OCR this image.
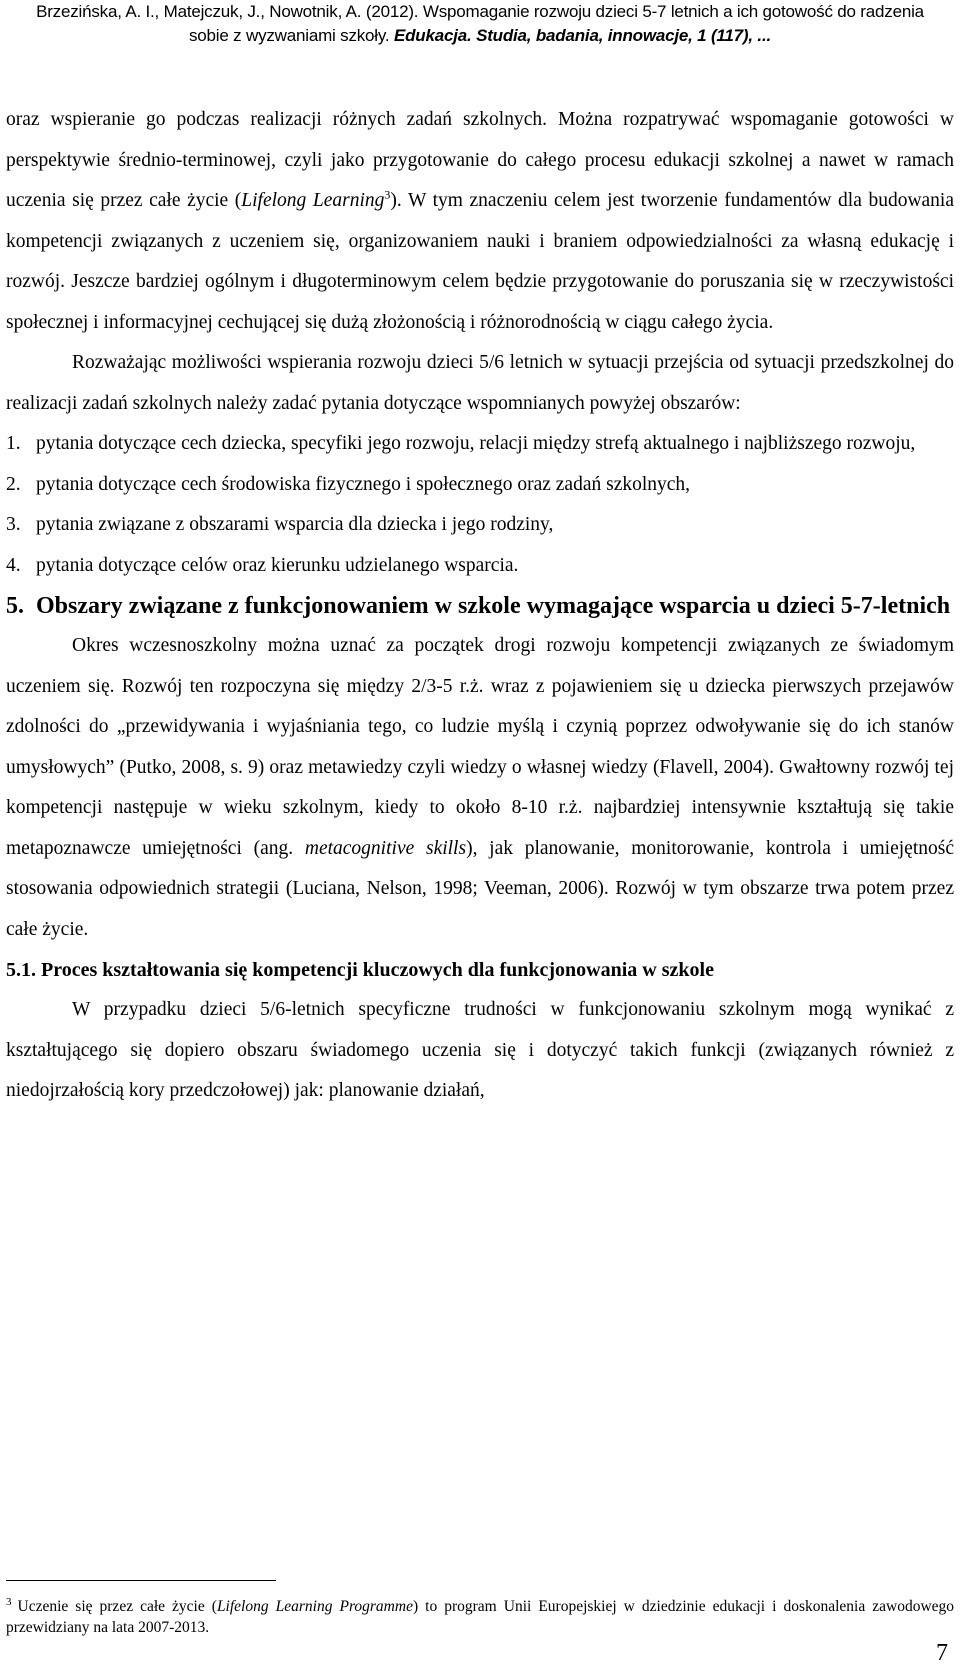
Brzezińska, A. I., Matejczuk, J., Nowotnik, A. (2012). Wspomaganie rozwoju dzieci 5-7 letnich a ich gotowość do radzenia
sobie z wyzwaniami szkoły. Edukacja. Studia, badania, innowacje, 1 (117), ...

oraz wspieranie go podczas realizacji różnych zadań szkolnych. Można rozpatrywać wspomaganie gotowości w perspektywie średnio-terminowej, czyli jako przygotowanie do całego procesu edukacji szkolnej a nawet w ramach uczenia się przez całe życie (Lifelong Learning$^3$). W tym znaczeniu celem jest tworzenie fundamentów dla budowania kompetencji związanych z uczeniem się, organizowaniem nauki i braniem odpowiedzialności za własną edukację i rozwój. Jeszcze bardziej ogólnym i długoterminowym celem będzie przygotowanie do poruszania się w rzeczywistości społecznej i informacyjnej cechującej się dużą złożonością i różnorodnością w ciągu całego życia.

Rozważając możliwości wspierania rozwoju dzieci 5/6 letnich w sytuacji przejścia od sytuacji przedszkolnej do realizacji zadań szkolnych należy zadać pytania dotyczące wspomnianych powyżej obszarów:

1. pytania dotyczące cech dziecka, specyfiki jego rozwoju, relacji między strefą aktualnego i najbliższego rozwoju,
2. pytania dotyczące cech środowiska fizycznego i społecznego oraz zadań szkolnych,
3. pytania związane z obszarami wsparcia dla dziecka i jego rodziny,
4. pytania dotyczące celów oraz kierunku udzielanego wsparcia.
5. Obszary związane z funkcjonowaniem w szkole wymagające wsparcia u dzieci 5-7-letnich

Okres wczesnoszkolny można uznać za początek drogi rozwoju kompetencji związanych ze świadomym uczeniem się. Rozwój ten rozpoczyna się między 2/3-5 r.ż. wraz z pojawieniem się u dziecka pierwszych przejawów zdolności do „przewidywania i wyjaśniania tego, co ludzie myślą i czynią poprzez odwoływanie się do ich stanów umysłowych” (Putko, 2008, s. 9) oraz metawiedzy czyli wiedzy o własnej wiedzy (Flavell, 2004). Gwałtowny rozwój tej kompetencji następuje w wieku szkolnym, kiedy to około 8-10 r.ż. najbardziej intensywnie kształtują się takie metapoznawcze umiejętności (ang. metacognitive skills), jak planowanie, monitorowanie, kontrola i umiejętność stosowania odpowiednich strategii (Luciana, Nelson, 1998; Veeman, 2006). Rozwój w tym obszarze trwa potem przez całe życie.

5.1. Proces kształtowania się kompetencji kluczowych dla funkcjonowania w szkole

W przypadku dzieci 5/6-letnich specyficzne trudności w funkcjonowaniu szkolnym mogą wynikać z kształtującego się dopiero obszaru świadomego uczenia się i dotyczyć takich funkcji (związanych również z niedojrzałością kory przedczołowej) jak: planowanie działań,

$^3$ Uczenie się przez całe życie (Lifelong Learning Programme) to program Unii Europejskiej w dziedzinie edukacji i doskonalenia zawodowego przewidziany na lata 2007-2013.
7
